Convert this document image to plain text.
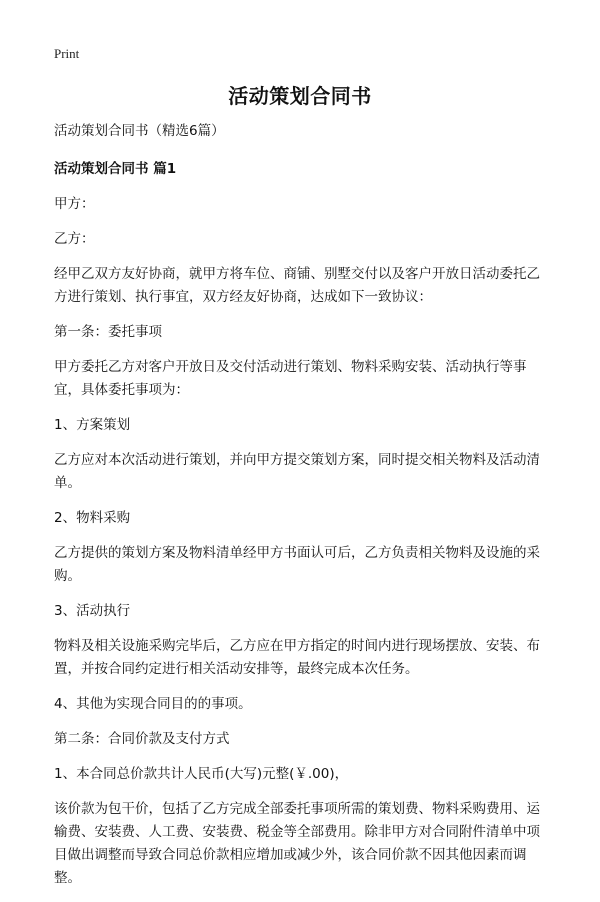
Print
活动策划合同书
活动策划合同书（精选6篇）
活动策划合同书 篇1
甲方：
乙方：
经甲乙双方友好协商，就甲方将车位、商铺、别墅交付以及客户开放日活动委托乙方进行策划、执行事宜，双方经友好协商，达成如下一致协议：
第一条：委托事项
甲方委托乙方对客户开放日及交付活动进行策划、物料采购安装、活动执行等事宜，具体委托事项为：
1、方案策划
乙方应对本次活动进行策划，并向甲方提交策划方案，同时提交相关物料及活动清单。
2、物料采购
乙方提供的策划方案及物料清单经甲方书面认可后，乙方负责相关物料及设施的采购。
3、活动执行
物料及相关设施采购完毕后，乙方应在甲方指定的时间内进行现场摆放、安装、布置，并按合同约定进行相关活动安排等，最终完成本次任务。
4、其他为实现合同目的的事项。
第二条：合同价款及支付方式
1、本合同总价款共计人民币(大写)元整(￥.00)，
该价款为包干价，包括了乙方完成全部委托事项所需的策划费、物料采购费用、运输费、安装费、人工费、安装费、税金等全部费用。除非甲方对合同附件清单中项目做出调整而导致合同总价款相应增加或减少外，该合同价款不因其他因素而调整。
